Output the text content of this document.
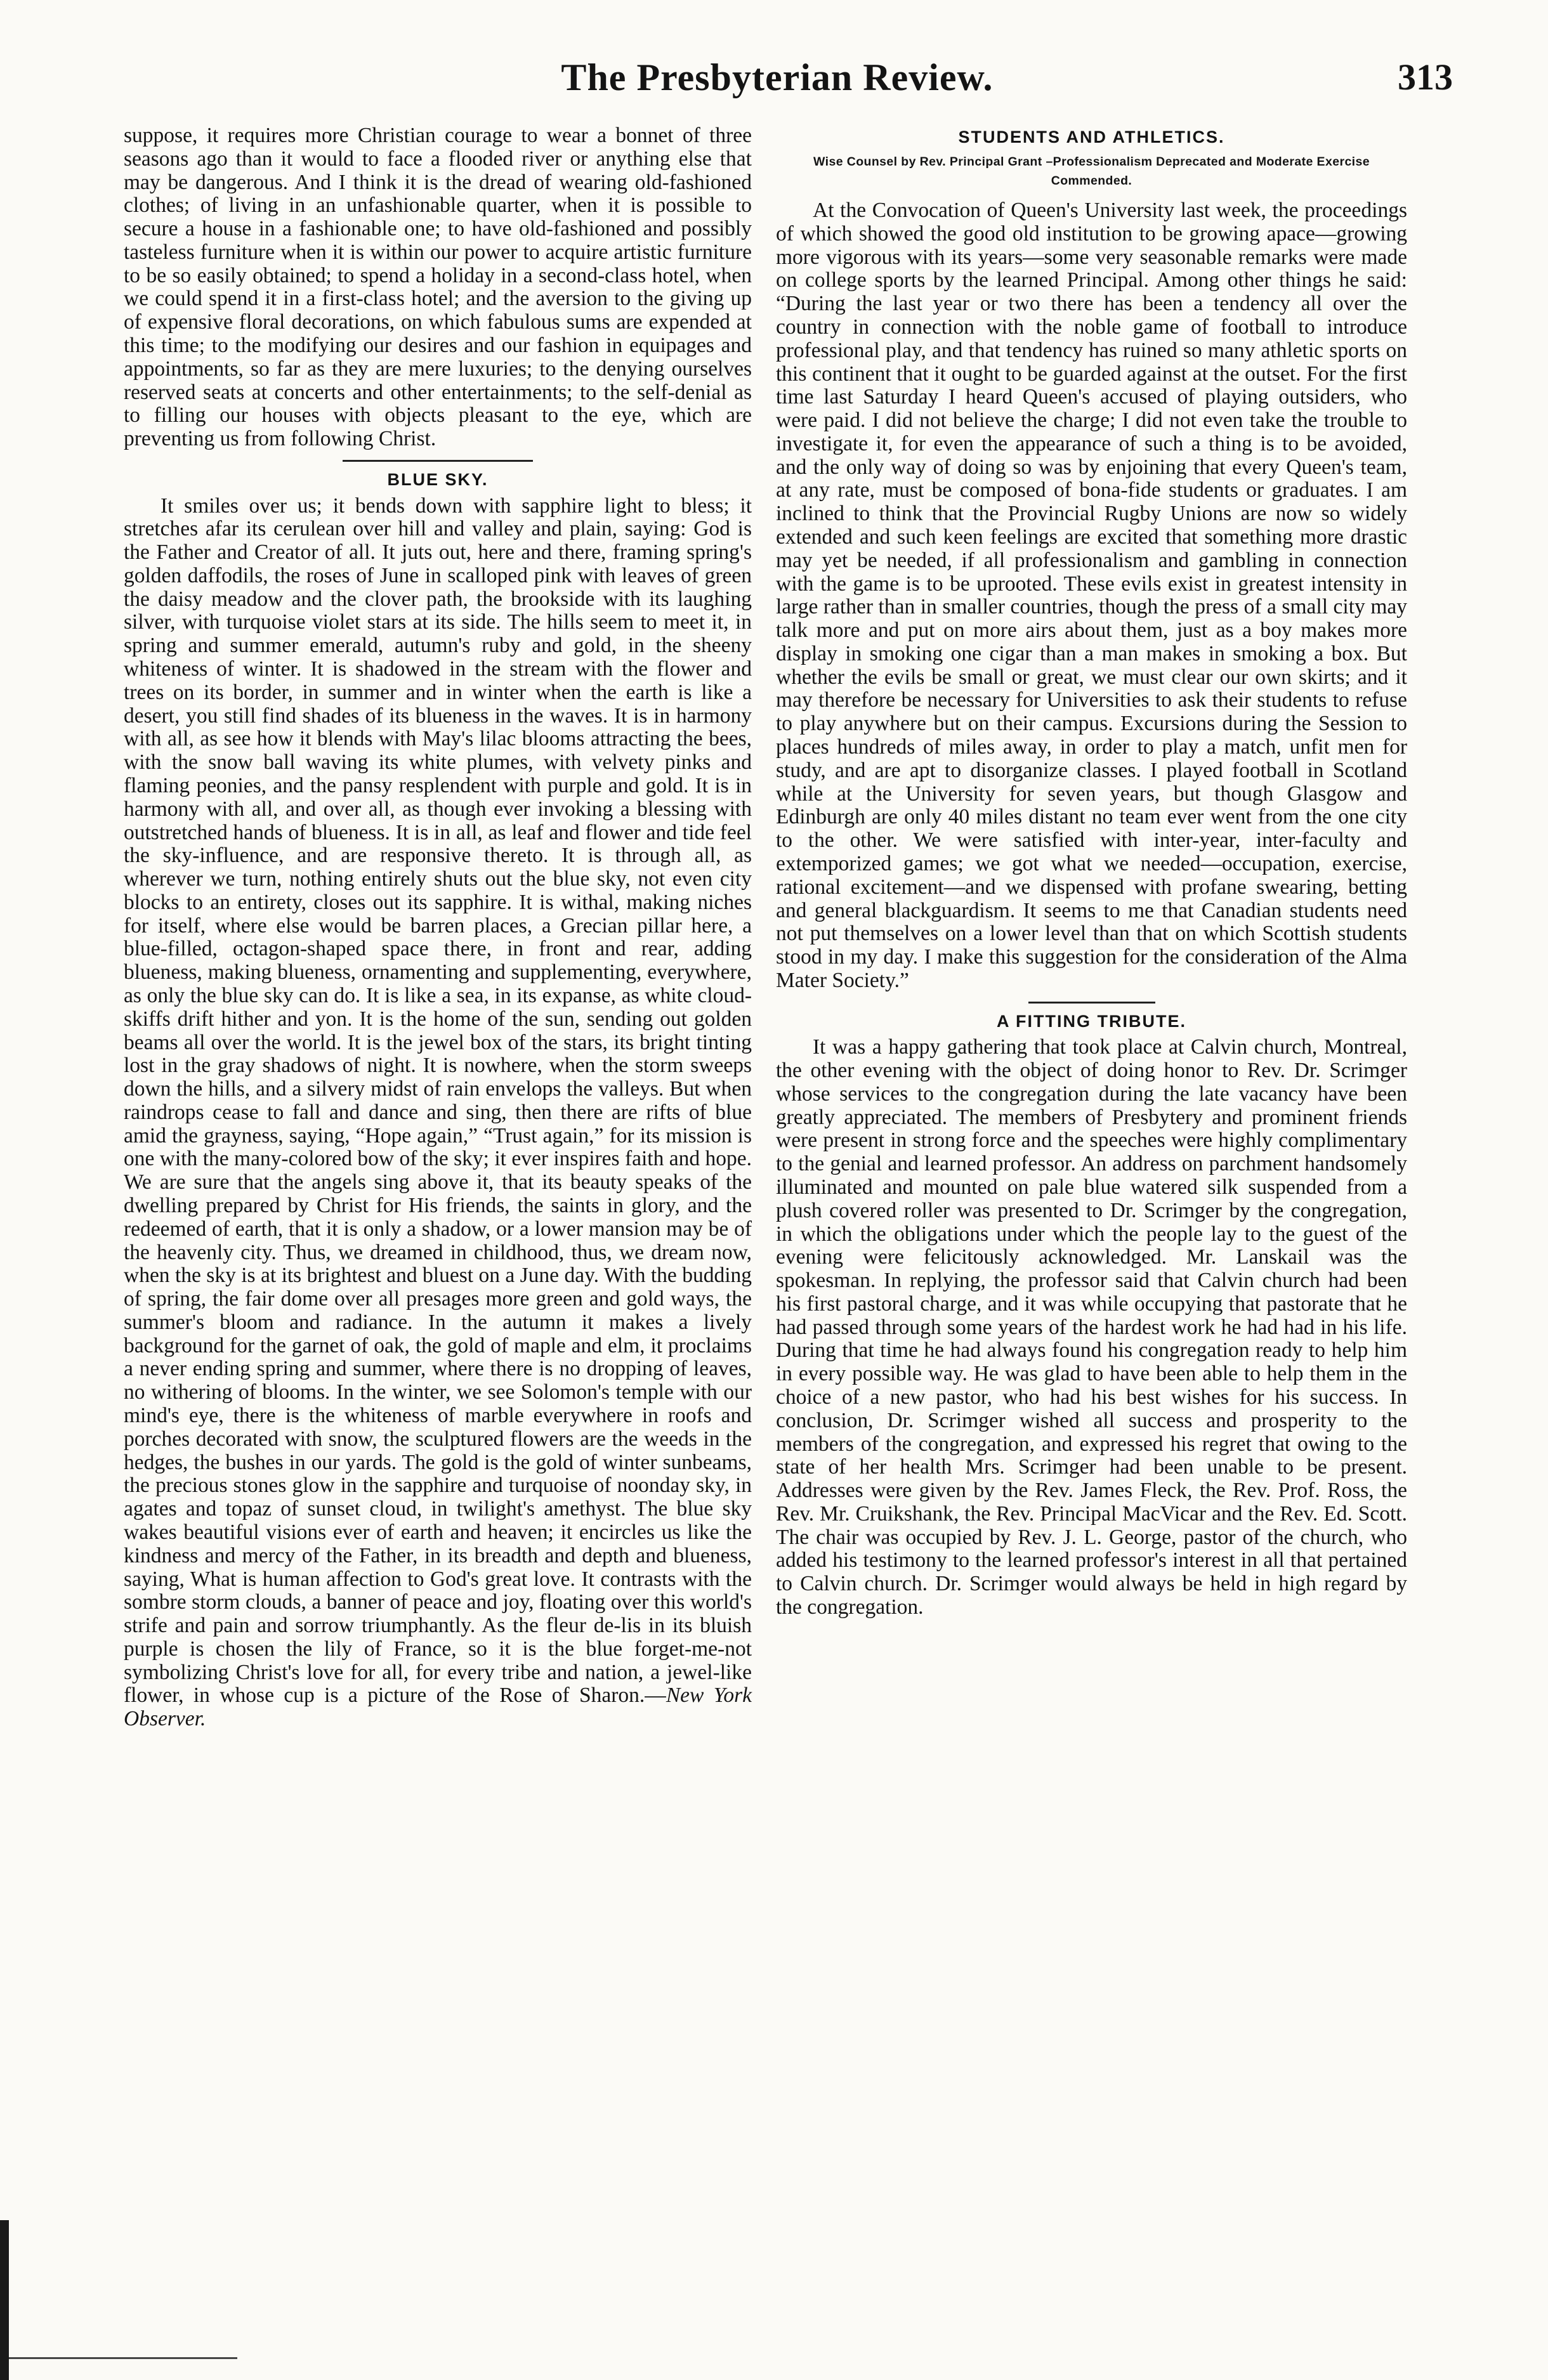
The Presbyterian Review.	313

suppose, it requires more Christian courage to wear a bonnet of three seasons ago than it would to face a flooded river or anything else that may be dangerous. And I think it is the dread of wearing old-fashioned clothes; of living in an unfashionable quarter, when it is possible to secure a house in a fashionable one; to have old-fashioned and possibly tasteless furniture when it is within our power to acquire artistic furniture to be so easily obtained; to spend a holiday in a second-class hotel, when we could spend it in a first-class hotel; and the aversion to the giving up of expensive floral decorations, on which fabulous sums are expended at this time; to the modifying our desires and our fashion in equipages and appointments, so far as they are mere luxuries; to the denying ourselves reserved seats at concerts and other entertainments; to the self-denial as to filling our houses with objects pleasant to the eye, which are preventing us from following Christ.

BLUE SKY.

It smiles over us; it bends down with sapphire light to bless; it stretches afar its cerulean over hill and valley and plain, saying: God is the Father and Creator of all. It juts out, here and there, framing spring's golden daffodils, the roses of June in scalloped pink with leaves of green the daisy meadow and the clover path, the brookside with its laughing silver, with turquoise violet stars at its side. The hills seem to meet it, in spring and summer emerald, autumn's ruby and gold, in the sheeny whiteness of winter. It is shadowed in the stream with the flower and trees on its border, in summer and in winter when the earth is like a desert, you still find shades of its blueness in the waves. It is in harmony with all, as see how it blends with May's lilac blooms attracting the bees, with the snow ball waving its white plumes, with velvety pinks and flaming peonies, and the pansy resplendent with purple and gold. It is in harmony with all, and over all, as though ever invoking a blessing with outstretched hands of blueness. It is in all, as leaf and flower and tide feel the sky-influence, and are responsive thereto. It is through all, as wherever we turn, nothing entirely shuts out the blue sky, not even city blocks to an entirety, closes out its sapphire. It is withal, making niches for itself, where else would be barren places, a Grecian pillar here, a blue-filled, octagon-shaped space there, in front and rear, adding blueness, making blueness, ornamenting and supplementing, everywhere, as only the blue sky can do. It is like a sea, in its expanse, as white cloud-skiffs drift hither and yon. It is the home of the sun, sending out golden beams all over the world. It is the jewel box of the stars, its bright tinting lost in the gray shadows of night. It is nowhere, when the storm sweeps down the hills, and a silvery midst of rain envelops the valleys. But when raindrops cease to fall and dance and sing, then there are rifts of blue amid the grayness, saying, “Hope again,” “Trust again,” for its mission is one with the many-colored bow of the sky; it ever inspires faith and hope. We are sure that the angels sing above it, that its beauty speaks of the dwelling prepared by Christ for His friends, the saints in glory, and the redeemed of earth, that it is only a shadow, or a lower mansion may be of the heavenly city. Thus, we dreamed in childhood, thus, we dream now, when the sky is at its brightest and bluest on a June day. With the budding of spring, the fair dome over all presages more green and gold ways, the summer's bloom and radiance. In the autumn it makes a lively background for the garnet of oak, the gold of maple and elm, it proclaims a never ending spring and summer, where there is no dropping of leaves, no withering of blooms. In the winter, we see Solomon's temple with our mind's eye, there is the whiteness of marble everywhere in roofs and porches decorated with snow, the sculptured flowers are the weeds in the hedges, the bushes in our yards. The gold is the gold of winter sunbeams, the precious stones glow in the sapphire and turquoise of noonday sky, in agates and topaz of sunset cloud, in twilight's amethyst. The blue sky wakes beautiful visions ever of earth and heaven; it encircles us like the kindness and mercy of the Father, in its breadth and depth and blueness, saying, What is human affection to God's great love. It contrasts with the sombre storm clouds, a banner of peace and joy, floating over this world's strife and pain and sorrow triumphantly. As the fleur de-lis in its bluish purple is chosen the lily of France, so it is the blue forget-me-not symbolizing Christ's love for all, for every tribe and nation, a jewel-like flower, in whose cup is a picture of the Rose of Sharon.—New York Observer.

STUDENTS AND ATHLETICS.
Wise Counsel by Rev. Principal Grant –Professionalism Deprecated and Moderate Exercise Commended.

At the Convocation of Queen's University last week, the proceedings of which showed the good old institution to be growing apace—growing more vigorous with its years—some very seasonable remarks were made on college sports by the learned Principal. Among other things he said: “During the last year or two there has been a tendency all over the country in connection with the noble game of football to introduce professional play, and that tendency has ruined so many athletic sports on this continent that it ought to be guarded against at the outset. For the first time last Saturday I heard Queen's accused of playing outsiders, who were paid. I did not believe the charge; I did not even take the trouble to investigate it, for even the appearance of such a thing is to be avoided, and the only way of doing so was by enjoining that every Queen's team, at any rate, must be composed of bona-fide students or graduates. I am inclined to think that the Provincial Rugby Unions are now so widely extended and such keen feelings are excited that something more drastic may yet be needed, if all professionalism and gambling in connection with the game is to be uprooted. These evils exist in greatest intensity in large rather than in smaller countries, though the press of a small city may talk more and put on more airs about them, just as a boy makes more display in smoking one cigar than a man makes in smoking a box. But whether the evils be small or great, we must clear our own skirts; and it may therefore be necessary for Universities to ask their students to refuse to play anywhere but on their campus. Excursions during the Session to places hundreds of miles away, in order to play a match, unfit men for study, and are apt to disorganize classes. I played football in Scotland while at the University for seven years, but though Glasgow and Edinburgh are only 40 miles distant no team ever went from the one city to the other. We were satisfied with inter-year, inter-faculty and extemporized games; we got what we needed—occupation, exercise, rational excitement—and we dispensed with profane swearing, betting and general blackguardism. It seems to me that Canadian students need not put themselves on a lower level than that on which Scottish students stood in my day. I make this suggestion for the consideration of the Alma Mater Society.”

A FITTING TRIBUTE.

It was a happy gathering that took place at Calvin church, Montreal, the other evening with the object of doing honor to Rev. Dr. Scrimger whose services to the congregation during the late vacancy have been greatly appreciated. The members of Presbytery and prominent friends were present in strong force and the speeches were highly complimentary to the genial and learned professor. An address on parchment handsomely illuminated and mounted on pale blue watered silk suspended from a plush covered roller was presented to Dr. Scrimger by the congregation, in which the obligations under which the people lay to the guest of the evening were felicitously acknowledged. Mr. Lanskail was the spokesman. In replying, the professor said that Calvin church had been his first pastoral charge, and it was while occupying that pastorate that he had passed through some years of the hardest work he had had in his life. During that time he had always found his congregation ready to help him in every possible way. He was glad to have been able to help them in the choice of a new pastor, who had his best wishes for his success. In conclusion, Dr. Scrimger wished all success and prosperity to the members of the congregation, and expressed his regret that owing to the state of her health Mrs. Scrimger had been unable to be present. Addresses were given by the Rev. James Fleck, the Rev. Prof. Ross, the Rev. Mr. Cruikshank, the Rev. Principal MacVicar and the Rev. Ed. Scott. The chair was occupied by Rev. J. L. George, pastor of the church, who added his testimony to the learned professor's interest in all that pertained to Calvin church. Dr. Scrimger would always be held in high regard by the congregation.
